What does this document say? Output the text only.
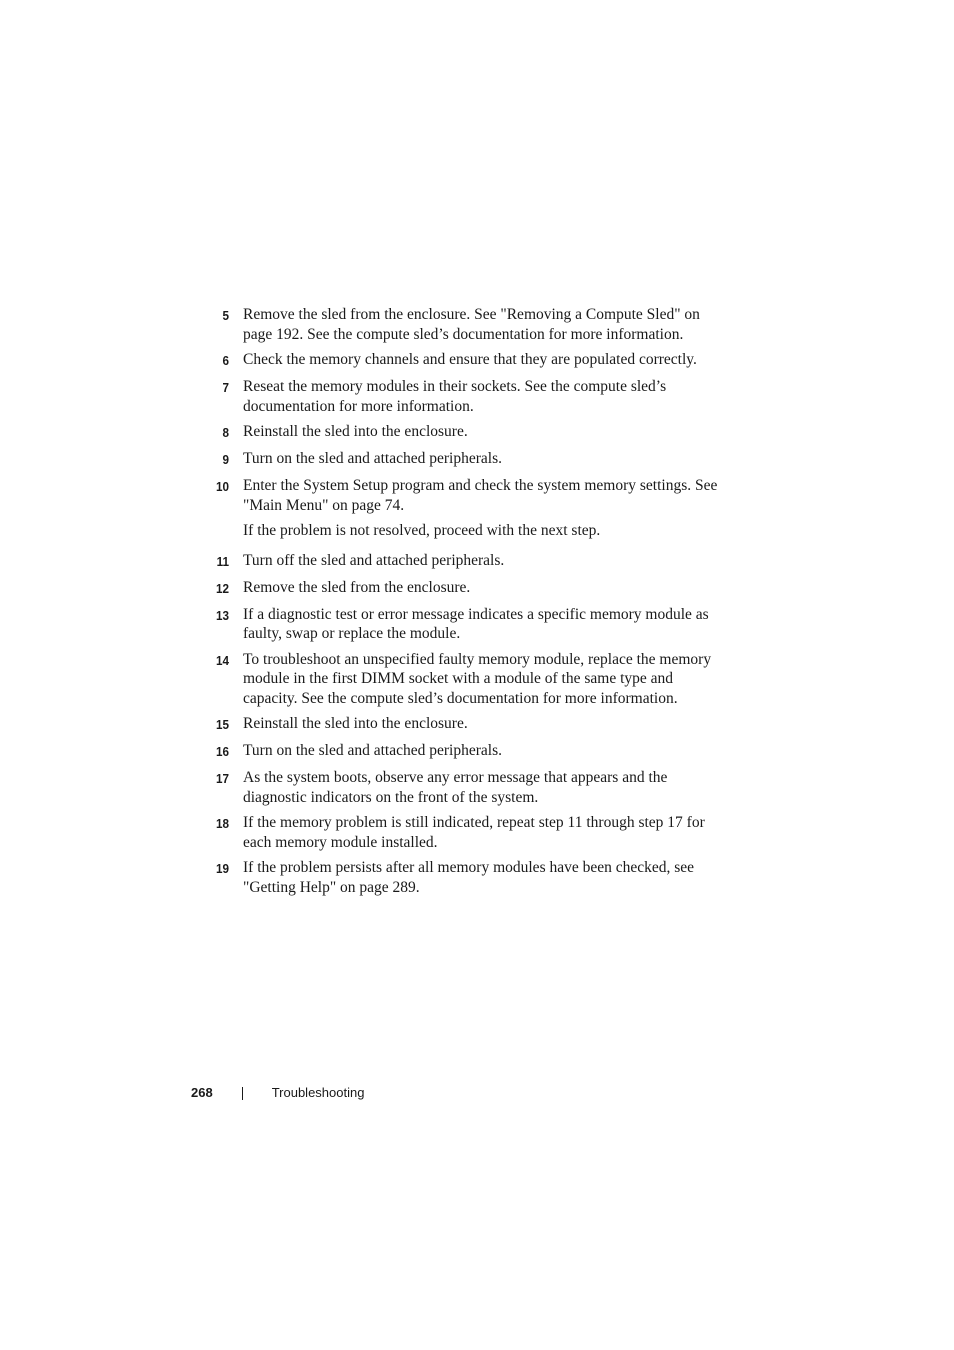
5 Remove the sled from the enclosure. See "Removing a Compute Sled" on page 192. See the compute sled’s documentation for more information.
6 Check the memory channels and ensure that they are populated correctly.
7 Reseat the memory modules in their sockets. See the compute sled’s documentation for more information.
8 Reinstall the sled into the enclosure.
9 Turn on the sled and attached peripherals.
10 Enter the System Setup program and check the system memory settings. See "Main Menu" on page 74.
If the problem is not resolved, proceed with the next step.
11 Turn off the sled and attached peripherals.
12 Remove the sled from the enclosure.
13 If a diagnostic test or error message indicates a specific memory module as faulty, swap or replace the module.
14 To troubleshoot an unspecified faulty memory module, replace the memory module in the first DIMM socket with a module of the same type and capacity. See the compute sled’s documentation for more information.
15 Reinstall the sled into the enclosure.
16 Turn on the sled and attached peripherals.
17 As the system boots, observe any error message that appears and the diagnostic indicators on the front of the system.
18 If the memory problem is still indicated, repeat step 11 through step 17 for each memory module installed.
19 If the problem persists after all memory modules have been checked, see "Getting Help" on page 289.
268	Troubleshooting
